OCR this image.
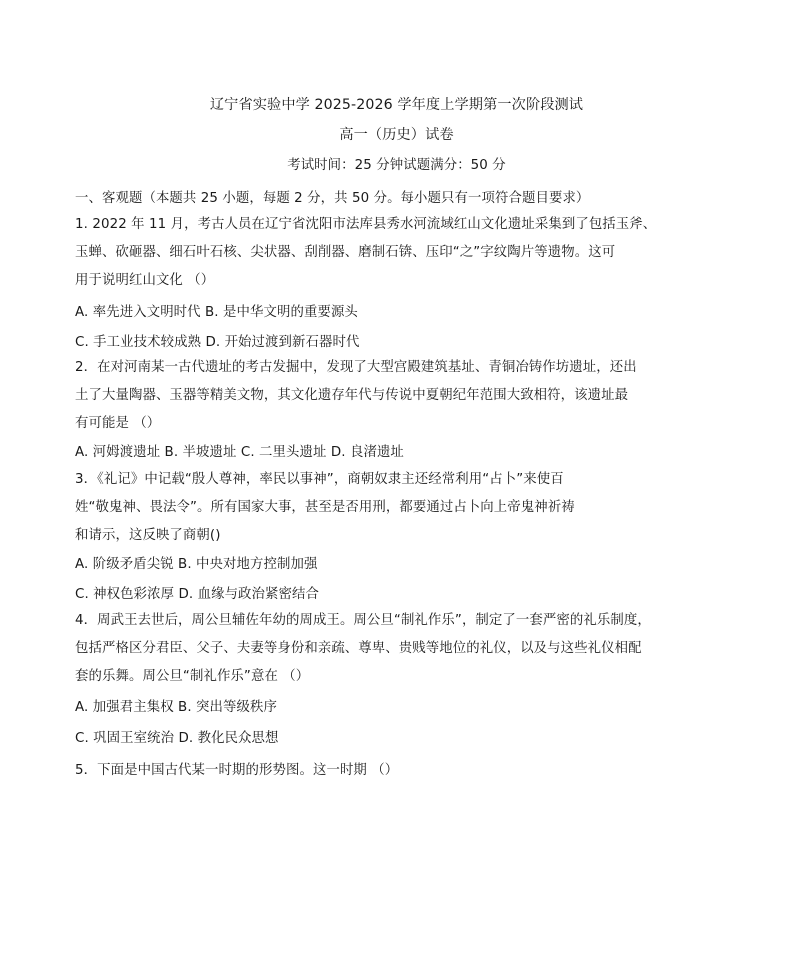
辽宁省实验中学 2025-2026 学年度上学期第一次阶段测试
高一（历史）试卷
考试时间：25 分钟试题满分：50 分
一、客观题（本题共 25 小题，每题 2 分，共 50 分。每小题只有一项符合题目要求）
1. 2022 年 11 月，考古人员在辽宁省沈阳市法库县秀水河流域红山文化遗址采集到了包括玉斧、
玉蝉、砍砸器、细石叶石核、尖状器、刮削器、磨制石锛、压印“之”字纹陶片等遗物。这可
用于说明红山文化 （）
A. 率先进入文明时代 B. 是中华文明的重要源头
C. 手工业技术较成熟 D. 开始过渡到新石器时代
2．在对河南某一古代遗址的考古发掘中，发现了大型宫殿建筑基址、青铜冶铸作坊遗址，还出
土了大量陶器、玉器等精美文物，其文化遗存年代与传说中夏朝纪年范围大致相符，该遗址最
有可能是 （）
A. 河姆渡遗址 B. 半坡遗址 C. 二里头遗址 D. 良渚遗址
3．《礼记》中记载“殷人尊神，率民以事神”，商朝奴隶主还经常利用“占卜”来使百
姓“敬鬼神、畏法令”。所有国家大事，甚至是否用刑，都要通过占卜向上帝鬼神祈祷
和请示，这反映了商朝()
A. 阶级矛盾尖锐 B. 中央对地方控制加强
C. 神权色彩浓厚 D. 血缘与政治紧密结合
4．周武王去世后，周公旦辅佐年幼的周成王。周公旦“制礼作乐”，制定了一套严密的礼乐制度，
包括严格区分君臣、父子、夫妻等身份和亲疏、尊卑、贵贱等地位的礼仪，以及与这些礼仪相配
套的乐舞。周公旦“制礼作乐”意在 （）
A. 加强君主集权 B. 突出等级秩序
C. 巩固王室统治 D. 教化民众思想
5．下面是中国古代某一时期的形势图。这一时期 （）
